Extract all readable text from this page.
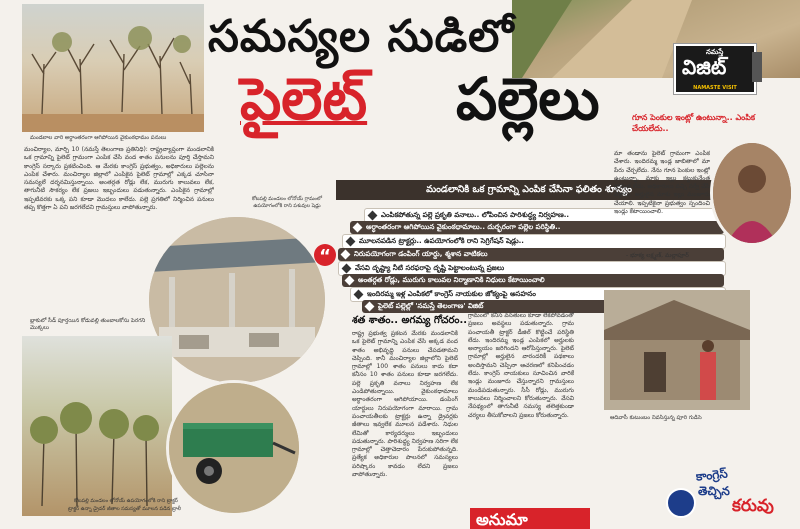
మండలాల వారి అర్ధాంతరంగా ఆగిపోయిన వైకుంఠధామం పనులు
నమస్తే
విజిట్
NAMASTE VISIT
సమస్యల సుడిలో
పైలెట్ పల్లెలు
మంచిర్యాల, మార్చి 10 (నమస్తే తెలంగాణ ప్రతినిధి): రాష్ట్రవ్యాప్తంగా మండలానికి ఒక గ్రామాన్ని పైలెట్ గ్రామంగా ఎంపిక చేసి వంద శాతం పనులను పూర్తి చేస్తామని కాంగ్రెస్ సర్కారు ప్రకటించింది. ఆ మేరకు కాంగ్రెస్ ప్రభుత్వం, అధికారులు పల్లెలను ఎంపిక చేశారు. మంచిర్యాల జిల్లాలో ఎంపికైన పైలెట్ గ్రామాల్లో ఎక్కడ చూసినా సమస్యలే దర్శనమిస్తున్నాయి. అంతర్గత రోడ్లు లేక, మురుగు కాలువలు లేక, తాగునీటి సౌకర్యం లేక ప్రజలు ఇబ్బందులు పడుతున్నారు. ఎంపికైన గ్రామాల్లో ఇప్పటివరకు ఒక్క పని కూడా మొదలు కాలేదు. పల్లె ప్రగతిలో నిర్మించిన పనులు తప్ప కొత్తగా ఏ పని జరగలేదని గ్రామస్తులు వాపోతున్నారు.
కోటపల్లి మండలం లోనోయ్ గ్రామంలో ఉపయోగంలోకి రాని పశువుల షెడ్లు
బ్లాకులో సీడ్ పూర్తయిన కోడువల్లి తుంబాలకోసు పెరగని మొక్కలు
కోటపల్లి మండలం లోనోయ్ ఉపయోగంలోకి రాని ట్రాక్టర్
ట్రాక్టర్ ఉన్నా డ్రైవర్ జీతాల సమస్యతో మూలన పడిన ట్రాలీ
మండలానికి ఒక గ్రామాన్ని ఎంపిక చేసినా ఫలితం శూన్యం
“
ఎంపికపోతున్న పల్లె ప్రకృతి వనాలు.. లోపించిన పారిశుద్ధ్య నిర్వహణ..
అర్ధాంతరంగా ఆగిపోయిన వైకుంఠధామాలు.. దుర్భరంగా పల్లెల పరిస్థితి..
మూలనపడిన ట్రాక్టర్లు.. ఉపయోగంలోకి రాని సెగ్రిగేషన్ షెడ్లు..
నిరుపయోగంగా డంపింగ్ యార్డు, శ్మశాన వాటికలు
వేసవి దృష్ట్యా నీటి సరఫరాపై దృష్టి పెట్టాలంటున్న ప్రజలు
అంతర్గత రోడ్లు, మురుగు కాలువల నిర్మాణానికి నిధులు కేటాయించాలి
ఇందిరమ్మ ఇళ్ల ఎంపికలో కాంగ్రెస్ నాయకుల జోక్యంపై అసహనం
పైలెట్ పల్లెల్లో 'నమస్తే తెలంగాణ' విజిట్
శత శాతం.. అగమ్య గోచరం..
రాష్ట్ర ప్రభుత్వ ప్రకటన మేరకు మండలానికి ఒక పైలెట్ గ్రామాన్ని ఎంపిక చేసి అక్కడ వంద శాతం అభివృద్ధి పనులు చేపడతామని చెప్పింది. కానీ మంచిర్యాల జిల్లాలోని పైలెట్ గ్రామాల్లో 100 శాతం పనులు కాదు కదా కనీసం 10 శాతం పనులు కూడా జరగలేదు. పల్లె ప్రకృతి వనాలు నిర్వహణ లేక ఎండిపోతున్నాయి. వైకుంఠధామాలు అర్ధాంతరంగా ఆగిపోయాయి. డంపింగ్ యార్డులు నిరుపయోగంగా మారాయి. గ్రామ పంచాయతీలకు ట్రాక్టర్లు ఉన్నా డ్రైవర్లకు జీతాలు ఇవ్వలేక మూలన పడేశారు. నిధుల లేమితో కార్యదర్శులు ఇబ్బందులు పడుతున్నారు. పారిశుద్ధ్య నిర్వహణ సరిగా లేక గ్రామాల్లో చెత్తాచెదారం పేరుకుపోతున్నది. ప్రత్యేక అధికారుల పాలనలో సమస్యలు పరిష్కారం కావడం లేదని ప్రజలు వాపోతున్నారు.
గ్రామంలో కనీస వసతులు కూడా లేకపోవడంతో ప్రజలు అవస్థలు పడుతున్నారు. గ్రామ పంచాయతీ ట్రాక్టర్ డీజిల్ కొట్టించే పరిస్థితి లేదు. ఇందిరమ్మ ఇండ్ల ఎంపికలో అర్హులకు అన్యాయం జరిగిందని ఆరోపిస్తున్నారు. పైలెట్ గ్రామాల్లో అర్హులైన వారందరికీ పథకాలు అందిస్తామని చెప్పినా ఆచరణలో కనిపించడం లేదు. కాంగ్రెస్ నాయకులు సూచించిన వారికే ఇండ్లు మంజూరు చేస్తున్నారని గ్రామస్తులు మండిపడుతున్నారు. సీసీ రోడ్లు, మురుగు కాలువలు నిర్మించాలని కోరుతున్నారు. వేసవి నేపథ్యంలో తాగునీటి సమస్య తలెత్తకుండా చర్యలు తీసుకోవాలని ప్రజలు కోరుతున్నారు.
గూన పెంకుల ఇంట్లో ఉంటున్నా.. ఎంపిక చేయలేదు..
మా తండాను పైలెట్ గ్రామంగా ఎంపిక చేశారు. ఇందిరమ్మ ఇండ్ల జాబితాలో మా పేరు చేర్చలేదు. నేను గూన పెంకుల ఇంట్లో ఉంటున్నా. మాకు ఇల్లు కట్టుకునేంత స్తోమత లేదు. అధికారులు వచ్చి సర్వే చేసి వెళ్లారు. అర్హులైన మాకు ఇల్లు మంజూరు చేయాలి. ఇప్పటికైనా ప్రభుత్వం స్పందించి ఇండ్లు కేటాయించాలి.
- భూక్య లక్ష్మణ్, మల్లాపూర్
ఆదివాసీ కుటుంబం నివసిస్తున్న పూరి గుడిసె
కాంగ్రెస్
తెచ్చిన
కరువు
అనుమా
